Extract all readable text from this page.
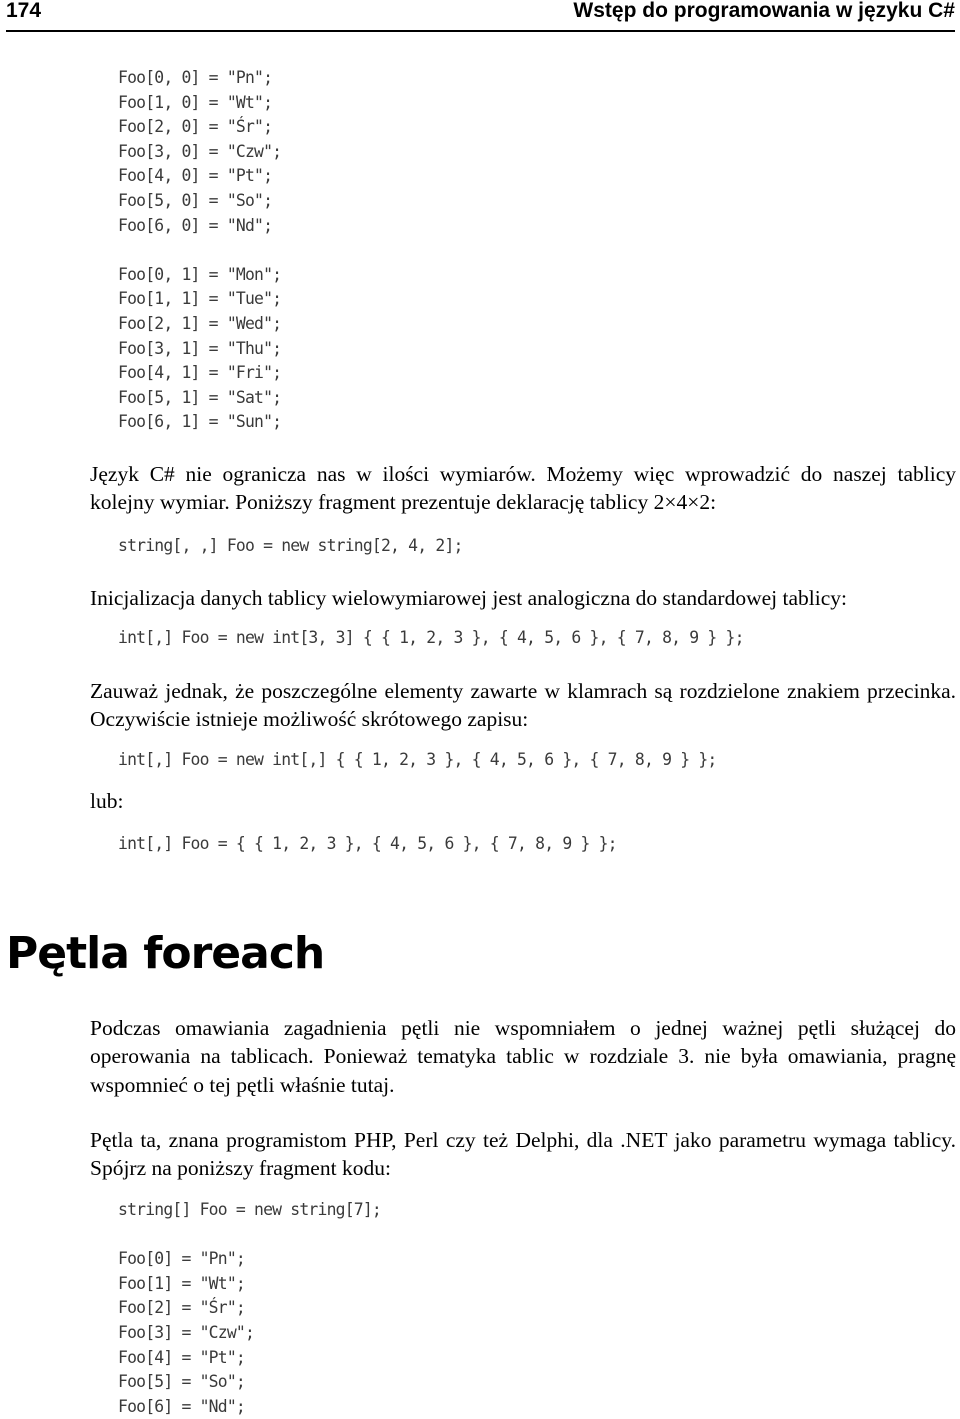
174	Wstęp do programowania w języku C#
Foo[0, 0] = "Pn";
Foo[1, 0] = "Wt";
Foo[2, 0] = "Śr";
Foo[3, 0] = "Czw";
Foo[4, 0] = "Pt";
Foo[5, 0] = "So";
Foo[6, 0] = "Nd";
Foo[0, 1] = "Mon";
Foo[1, 1] = "Tue";
Foo[2, 1] = "Wed";
Foo[3, 1] = "Thu";
Foo[4, 1] = "Fri";
Foo[5, 1] = "Sat";
Foo[6, 1] = "Sun";

Język C# nie ogranicza nas w ilości wymiarów. Możemy więc wprowadzić do naszej tablicy kolejny wymiar. Poniższy fragment prezentuje deklarację tablicy 2×4×2:

string[, ,] Foo = new string[2, 4, 2];

Inicjalizacja danych tablicy wielowymiarowej jest analogiczna do standardowej tablicy:

int[,] Foo = new int[3, 3] { { 1, 2, 3 }, { 4, 5, 6 }, { 7, 8, 9 } };

Zauważ jednak, że poszczególne elementy zawarte w klamrach są rozdzielone znakiem przecinka. Oczywiście istnieje możliwość skrótowego zapisu:

int[,] Foo = new int[,] { { 1, 2, 3 }, { 4, 5, 6 }, { 7, 8, 9 } };

lub:

int[,] Foo = { { 1, 2, 3 }, { 4, 5, 6 }, { 7, 8, 9 } };
Pętla foreach

Podczas omawiania zagadnienia pętli nie wspomniałem o jednej ważnej pętli służącej do operowania na tablicach. Ponieważ tematyka tablic w rozdziale 3. nie była omawiania, pragnę wspomnieć o tej pętli właśnie tutaj.

Pętla ta, znana programistom PHP, Perl czy też Delphi, dla .NET jako parametru wymaga tablicy. Spójrz na poniższy fragment kodu:

string[] Foo = new string[7];
Foo[0] = "Pn";
Foo[1] = "Wt";
Foo[2] = "Śr";
Foo[3] = "Czw";
Foo[4] = "Pt";
Foo[5] = "So";
Foo[6] = "Nd";
